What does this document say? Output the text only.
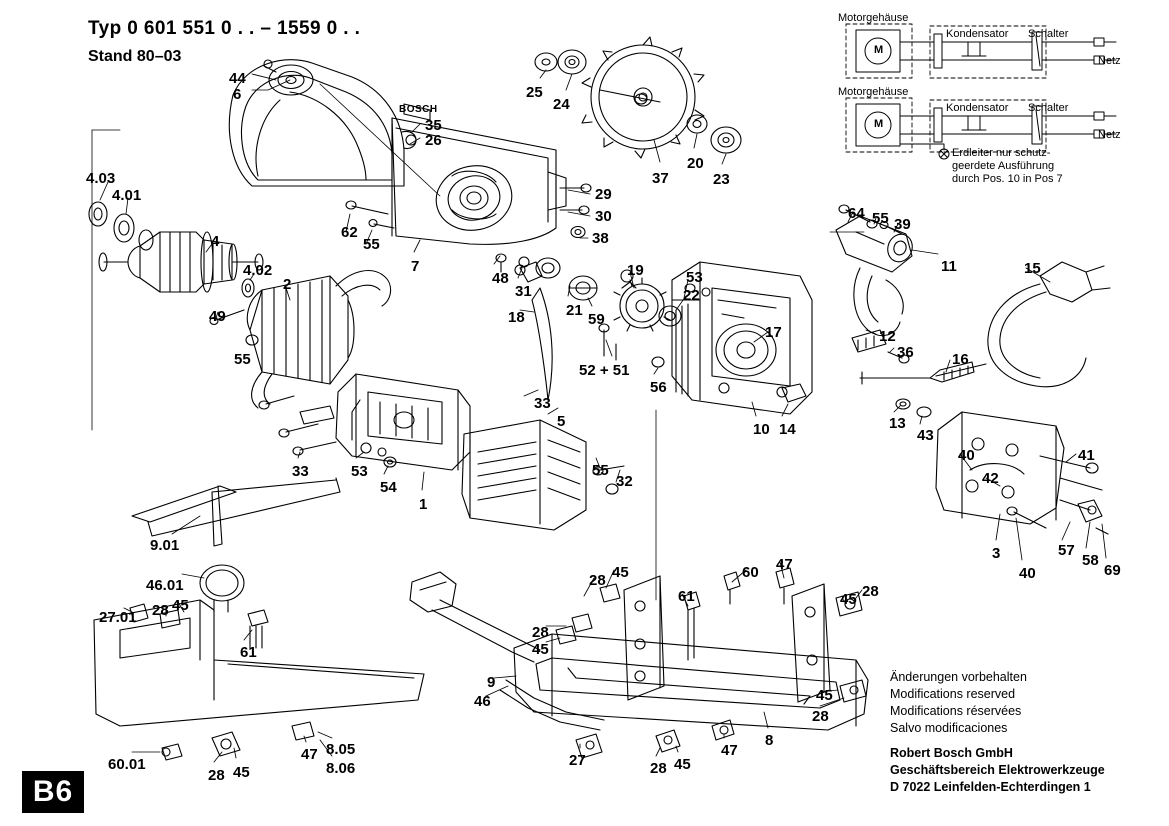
Typ 0 601 551 0 . . – 1559 0 . .
Stand 80–03
BOSCH
Motorgehäuse
Kondensator Schalter
Netz
M
Motorgehäuse
Kondensator Schalter
Netz
M
Erdleiter nur schutz-
geerdete Ausführung
durch Pos. 10 in Pos 7
Änderungen vorbehalten
Modifications reserved
Modifications réservées
Salvo modificaciones
Robert Bosch GmbH
Geschäftsbereich Elektrowerkzeuge
D 7022 Leinfelden-Echterdingen 1
B6
44
6
35
26
25
24
37
20
23
4.03
4.01
4
4.02
2
49
55
29
30
38
62
55
7
48
31
21
59
19
22
53
18
52 + 51
56
17
10 14
64 55 39
11
12
36
15
16
13
43
40
42
41
3
40
57
58
69
33
5
33	53
54
1
55
32
9.01
46.01
27.01 28 45
61
60.01
28 45
47 8.05
8.06
28 45
28
45
61
60 47
45 28
9
46	45
28
27	28 45
47
8
